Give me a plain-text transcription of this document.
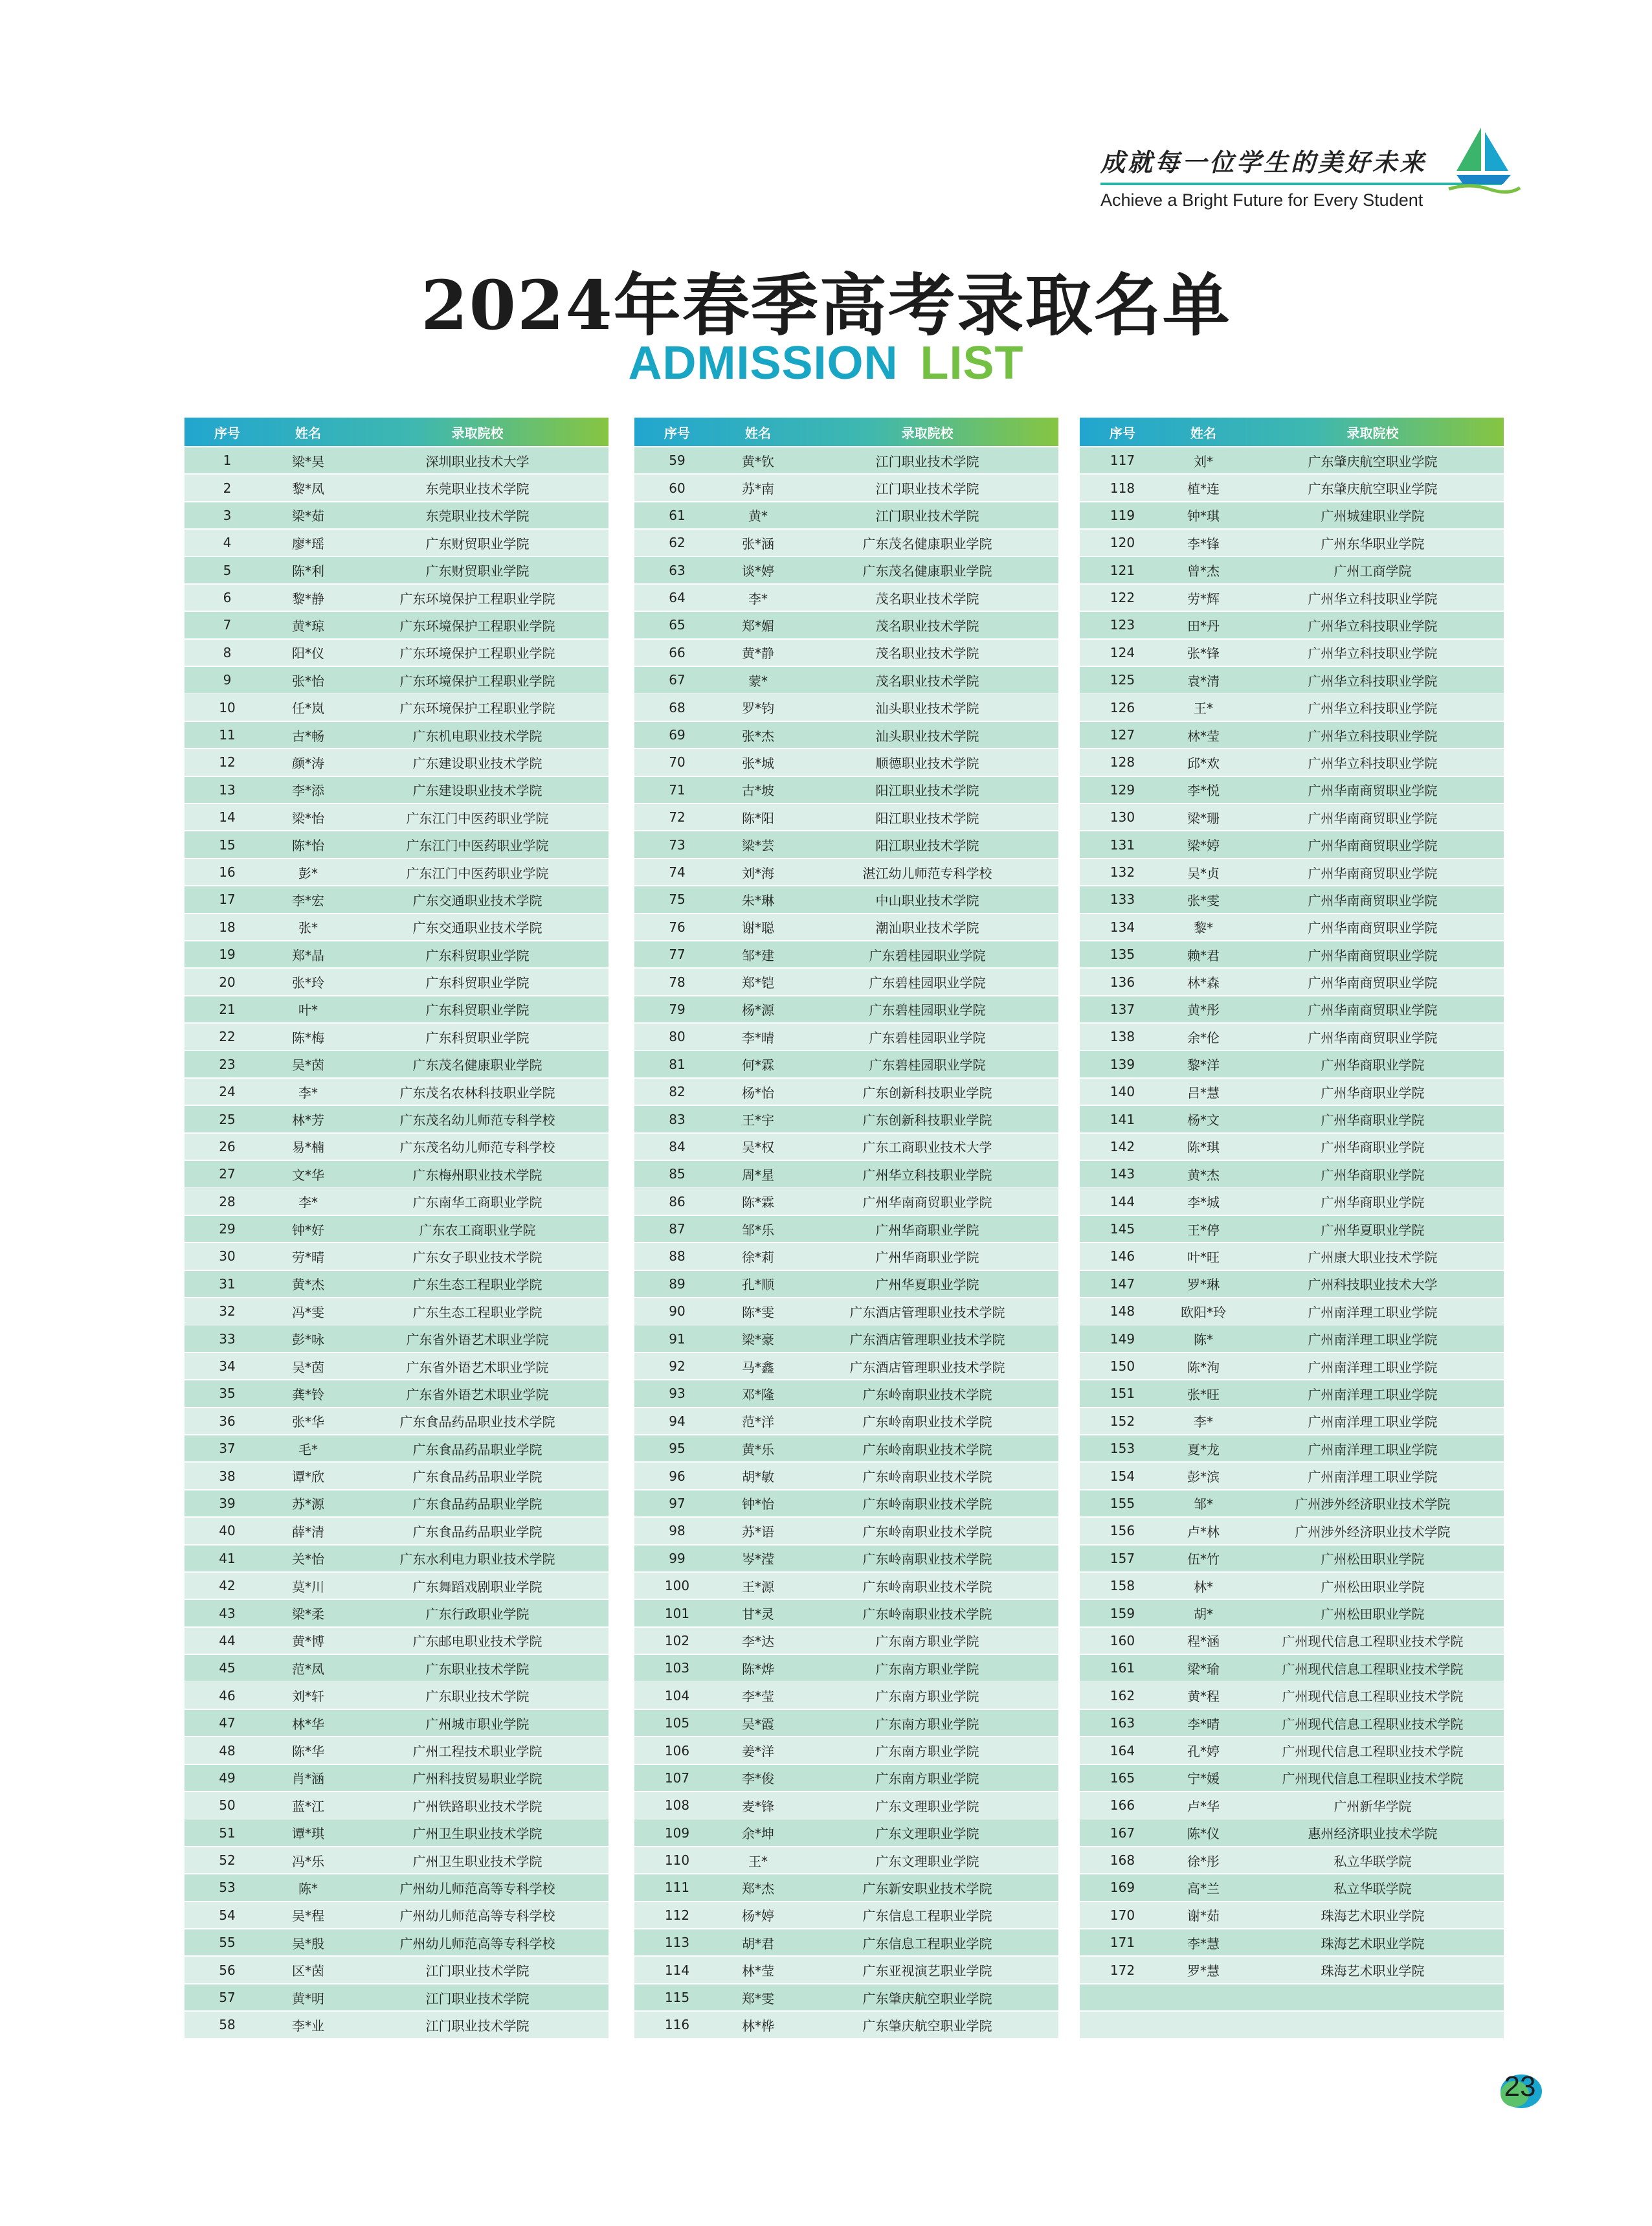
成就每一位学生的美好未来
Achieve a Bright Future for Every Student
2024年春季高考录取名单
ADMISSION LIST
序号	姓名	录取院校
1	梁*昊	深圳职业技术大学
2	黎*凤	东莞职业技术学院
3	梁*茹	东莞职业技术学院
4	廖*瑶	广东财贸职业学院
5	陈*利	广东财贸职业学院
6	黎*静	广东环境保护工程职业学院
7	黄*琼	广东环境保护工程职业学院
8	阳*仪	广东环境保护工程职业学院
9	张*怡	广东环境保护工程职业学院
10	任*岚	广东环境保护工程职业学院
11	古*畅	广东机电职业技术学院
12	颜*涛	广东建设职业技术学院
13	李*添	广东建设职业技术学院
14	梁*怡	广东江门中医药职业学院
15	陈*怡	广东江门中医药职业学院
16	彭*	广东江门中医药职业学院
17	李*宏	广东交通职业技术学院
18	张*	广东交通职业技术学院
19	郑*晶	广东科贸职业学院
20	张*玲	广东科贸职业学院
21	叶*	广东科贸职业学院
22	陈*梅	广东科贸职业学院
23	吴*茵	广东茂名健康职业学院
24	李*	广东茂名农林科技职业学院
25	林*芳	广东茂名幼儿师范专科学校
26	易*楠	广东茂名幼儿师范专科学校
27	文*华	广东梅州职业技术学院
28	李*	广东南华工商职业学院
29	钟*好	广东农工商职业学院
30	劳*晴	广东女子职业技术学院
31	黄*杰	广东生态工程职业学院
32	冯*雯	广东生态工程职业学院
33	彭*咏	广东省外语艺术职业学院
34	吴*茵	广东省外语艺术职业学院
35	龚*铃	广东省外语艺术职业学院
36	张*华	广东食品药品职业技术学院
37	毛*	广东食品药品职业学院
38	谭*欣	广东食品药品职业学院
39	苏*源	广东食品药品职业学院
40	薛*清	广东食品药品职业学院
41	关*怡	广东水利电力职业技术学院
42	莫*川	广东舞蹈戏剧职业学院
43	梁*柔	广东行政职业学院
44	黄*博	广东邮电职业技术学院
45	范*凤	广东职业技术学院
46	刘*轩	广东职业技术学院
47	林*华	广州城市职业学院
48	陈*华	广州工程技术职业学院
49	肖*涵	广州科技贸易职业学院
50	蓝*江	广州铁路职业技术学院
51	谭*琪	广州卫生职业技术学院
52	冯*乐	广州卫生职业技术学院
53	陈*	广州幼儿师范高等专科学校
54	吴*程	广州幼儿师范高等专科学校
55	吴*殷	广州幼儿师范高等专科学校
56	区*茵	江门职业技术学院
57	黄*明	江门职业技术学院
58	李*业	江门职业技术学院
序号	姓名	录取院校
59	黄*钦	江门职业技术学院
60	苏*南	江门职业技术学院
61	黄*	江门职业技术学院
62	张*涵	广东茂名健康职业学院
63	谈*婷	广东茂名健康职业学院
64	李*	茂名职业技术学院
65	郑*媚	茂名职业技术学院
66	黄*静	茂名职业技术学院
67	蒙*	茂名职业技术学院
68	罗*钧	汕头职业技术学院
69	张*杰	汕头职业技术学院
70	张*城	顺德职业技术学院
71	古*坡	阳江职业技术学院
72	陈*阳	阳江职业技术学院
73	梁*芸	阳江职业技术学院
74	刘*海	湛江幼儿师范专科学校
75	朱*琳	中山职业技术学院
76	谢*聪	潮汕职业技术学院
77	邹*建	广东碧桂园职业学院
78	郑*铠	广东碧桂园职业学院
79	杨*源	广东碧桂园职业学院
80	李*晴	广东碧桂园职业学院
81	何*霖	广东碧桂园职业学院
82	杨*怡	广东创新科技职业学院
83	王*宇	广东创新科技职业学院
84	吴*权	广东工商职业技术大学
85	周*星	广州华立科技职业学院
86	陈*霖	广州华南商贸职业学院
87	邹*乐	广州华商职业学院
88	徐*莉	广州华商职业学院
89	孔*顺	广州华夏职业学院
90	陈*雯	广东酒店管理职业技术学院
91	梁*豪	广东酒店管理职业技术学院
92	马*鑫	广东酒店管理职业技术学院
93	邓*隆	广东岭南职业技术学院
94	范*洋	广东岭南职业技术学院
95	黄*乐	广东岭南职业技术学院
96	胡*敏	广东岭南职业技术学院
97	钟*怡	广东岭南职业技术学院
98	苏*语	广东岭南职业技术学院
99	岑*滢	广东岭南职业技术学院
100	王*源	广东岭南职业技术学院
101	甘*灵	广东岭南职业技术学院
102	李*达	广东南方职业学院
103	陈*烨	广东南方职业学院
104	李*莹	广东南方职业学院
105	吴*霞	广东南方职业学院
106	姜*洋	广东南方职业学院
107	李*俊	广东南方职业学院
108	麦*锋	广东文理职业学院
109	余*坤	广东文理职业学院
110	王*	广东文理职业学院
111	郑*杰	广东新安职业技术学院
112	杨*婷	广东信息工程职业学院
113	胡*君	广东信息工程职业学院
114	林*莹	广东亚视演艺职业学院
115	郑*雯	广东肇庆航空职业学院
116	林*桦	广东肇庆航空职业学院
序号	姓名	录取院校
117	刘*	广东肇庆航空职业学院
118	植*连	广东肇庆航空职业学院
119	钟*琪	广州城建职业学院
120	李*锋	广州东华职业学院
121	曾*杰	广州工商学院
122	劳*辉	广州华立科技职业学院
123	田*丹	广州华立科技职业学院
124	张*锋	广州华立科技职业学院
125	袁*清	广州华立科技职业学院
126	王*	广州华立科技职业学院
127	林*莹	广州华立科技职业学院
128	邱*欢	广州华立科技职业学院
129	李*悦	广州华南商贸职业学院
130	梁*珊	广州华南商贸职业学院
131	梁*婷	广州华南商贸职业学院
132	吴*贞	广州华南商贸职业学院
133	张*雯	广州华南商贸职业学院
134	黎*	广州华南商贸职业学院
135	赖*君	广州华南商贸职业学院
136	林*森	广州华南商贸职业学院
137	黄*彤	广州华南商贸职业学院
138	余*伦	广州华南商贸职业学院
139	黎*洋	广州华商职业学院
140	吕*慧	广州华商职业学院
141	杨*文	广州华商职业学院
142	陈*琪	广州华商职业学院
143	黄*杰	广州华商职业学院
144	李*城	广州华商职业学院
145	王*停	广州华夏职业学院
146	叶*旺	广州康大职业技术学院
147	罗*琳	广州科技职业技术大学
148	欧阳*玲	广州南洋理工职业学院
149	陈*	广州南洋理工职业学院
150	陈*洵	广州南洋理工职业学院
151	张*旺	广州南洋理工职业学院
152	李*	广州南洋理工职业学院
153	夏*龙	广州南洋理工职业学院
154	彭*滨	广州南洋理工职业学院
155	邹*	广州涉外经济职业技术学院
156	卢*林	广州涉外经济职业技术学院
157	伍*竹	广州松田职业学院
158	林*	广州松田职业学院
159	胡*	广州松田职业学院
160	程*涵	广州现代信息工程职业技术学院
161	梁*瑜	广州现代信息工程职业技术学院
162	黄*程	广州现代信息工程职业技术学院
163	李*晴	广州现代信息工程职业技术学院
164	孔*婷	广州现代信息工程职业技术学院
165	宁*媛	广州现代信息工程职业技术学院
166	卢*华	广州新华学院
167	陈*仪	惠州经济职业技术学院
168	徐*彤	私立华联学院
169	高*兰	私立华联学院
170	谢*茹	珠海艺术职业学院
171	李*慧	珠海艺术职业学院
172	罗*慧	珠海艺术职业学院
23
